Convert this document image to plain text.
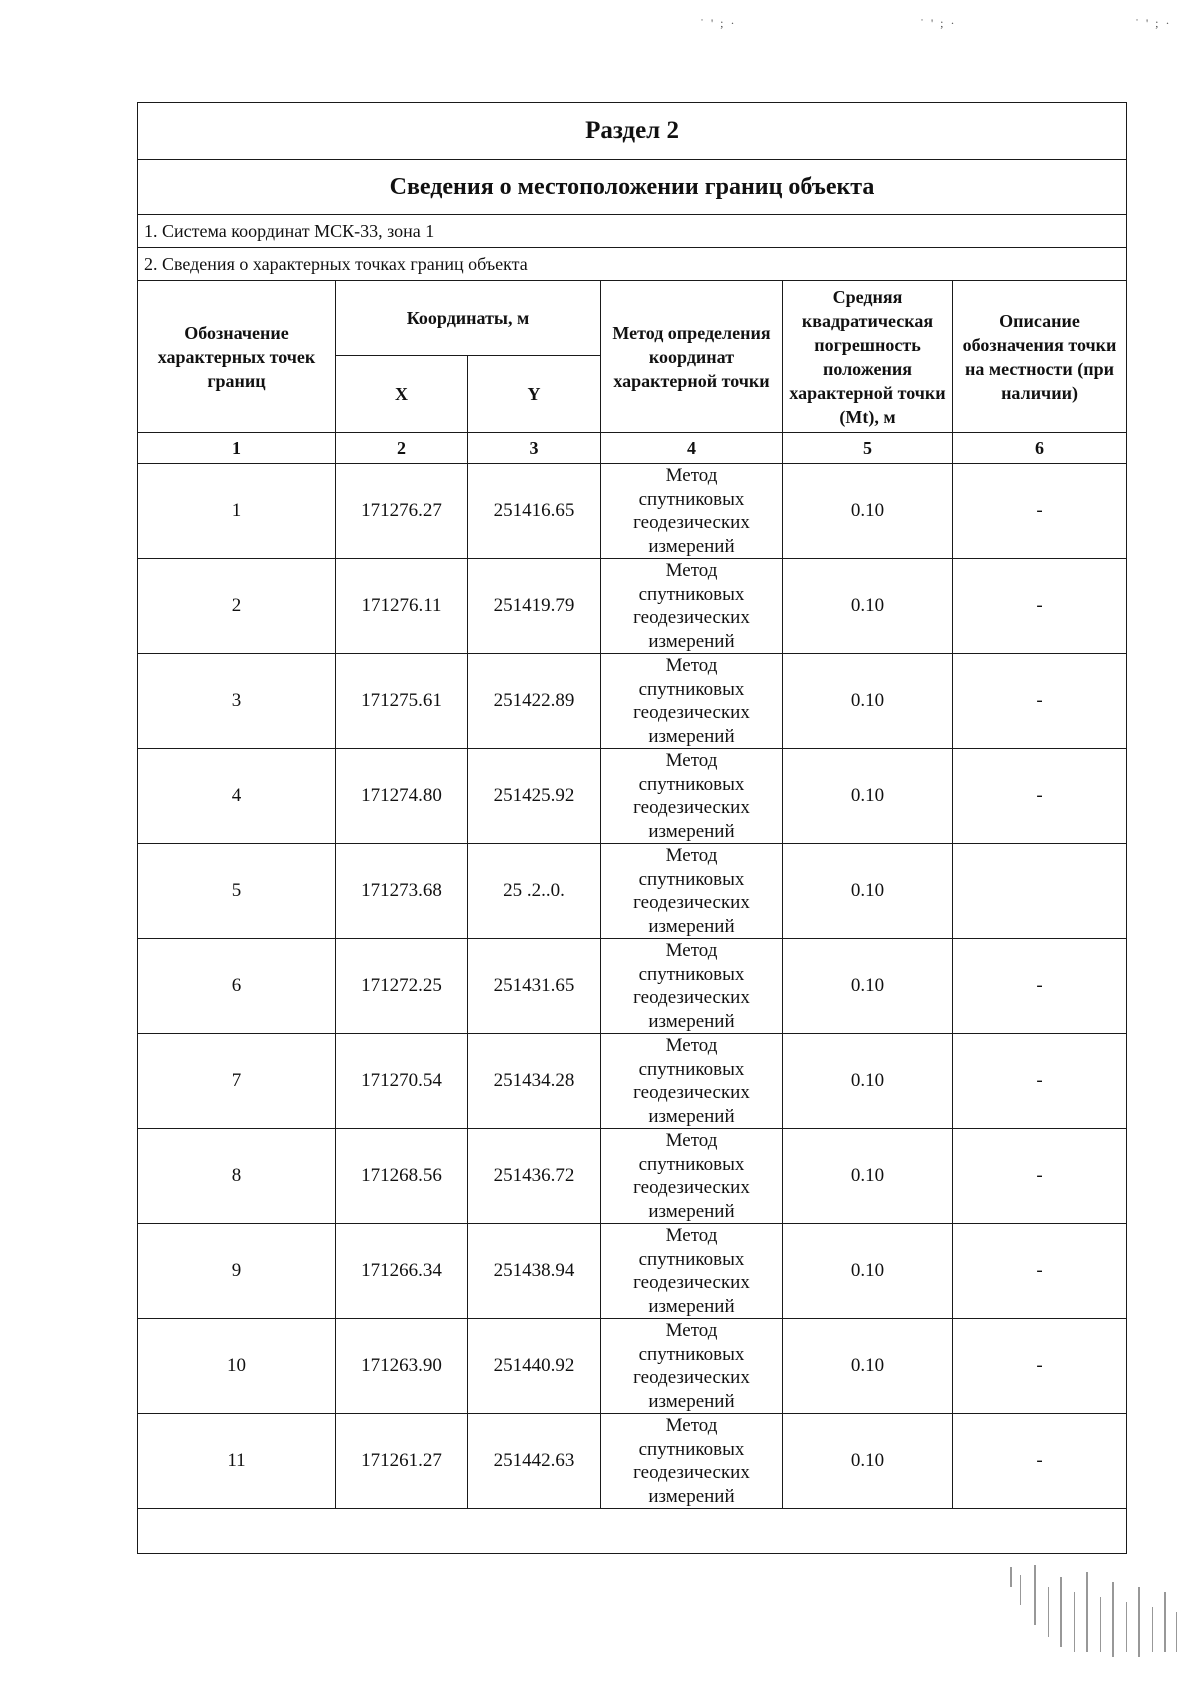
˙ ' ; ·	˙ ' ; ·	˙ ' ; ·
Раздел 2					
Сведения о местоположении границ объекта					
1. Система координат МСК-33, зона 1					
2. Сведения о характерных точках границ объекта					
Обозначение характерных точек границ	Координаты, м		Метод определения координат характерной точки	Средняя квадратическая погрешность положения характерной точки (Mt), м	Описание обозначения точки на местности (при наличии)
	X	Y			
1	2	3	4	5	6
1	171276.27	251416.65	Метод
спутниковых
геодезических
измерений	0.10	-
2	171276.11	251419.79	Метод
спутниковых
геодезических
измерений	0.10	-
3	171275.61	251422.89	Метод
спутниковых
геодезических
измерений	0.10	-
4	171274.80	251425.92	Метод
спутниковых
геодезических
измерений	0.10	-
5	171273.68	25 .2..0.	Метод
спутниковых
геодезических
измерений	0.10	
6	171272.25	251431.65	Метод
спутниковых
геодезических
измерений	0.10	-
7	171270.54	251434.28	Метод
спутниковых
геодезических
измерений	0.10	-
8	171268.56	251436.72	Метод
спутниковых
геодезических
измерений	0.10	-
9	171266.34	251438.94	Метод
спутниковых
геодезических
измерений	0.10	-
10	171263.90	251440.92	Метод
спутниковых
геодезических
измерений	0.10	-
11	171261.27	251442.63	Метод
спутниковых
геодезических
измерений	0.10	-
